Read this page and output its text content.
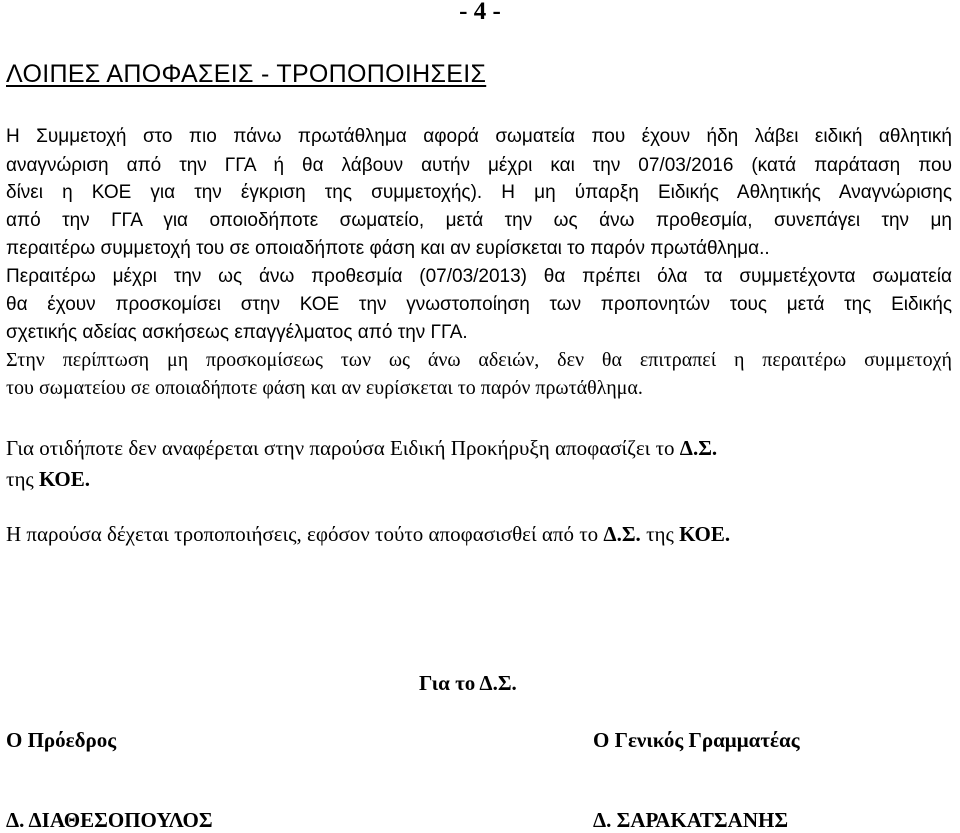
- 4 -
ΛΟΙΠΕΣ ΑΠΟΦΑΣΕΙΣ - ΤΡΟΠΟΠΟΙΗΣΕΙΣ
Η Συμμετοχή στο πιο πάνω πρωτάθλημα αφορά σωματεία που έχουν ήδη λάβει ειδική αθλητική
αναγνώριση από την ΓΓΑ ή θα λάβουν αυτήν μέχρι και την 07/03/2016 (κατά παράταση που
δίνει η ΚΟΕ για την έγκριση της συμμετοχής). Η μη ύπαρξη Ειδικής Αθλητικής Αναγνώρισης
από την ΓΓΑ για οποιοδήποτε σωματείο, μετά την ως άνω προθεσμία, συνεπάγει την μη
περαιτέρω συμμετοχή του σε οποιαδήποτε φάση και αν ευρίσκεται το παρόν πρωτάθλημα..
Περαιτέρω μέχρι την ως άνω προθεσμία (07/03/2013) θα πρέπει όλα τα συμμετέχοντα σωματεία
θα έχουν προσκομίσει στην ΚΟΕ την γνωστοποίηση των προπονητών τους μετά της Ειδικής
σχετικής αδείας ασκήσεως επαγγέλματος από την ΓΓΑ.
Στην περίπτωση μη προσκομίσεως των ως άνω αδειών, δεν θα επιτραπεί η περαιτέρω συμμετοχή
του σωματείου σε οποιαδήποτε φάση και αν ευρίσκεται το παρόν πρωτάθλημα.
Για οτιδήποτε δεν αναφέρεται στην παρούσα Ειδική Προκήρυξη αποφασίζει το Δ.Σ.
της ΚΟΕ.
Η παρούσα δέχεται τροποποιήσεις, εφόσον τούτο αποφασισθεί από το Δ.Σ. της ΚΟΕ.
Για το Δ.Σ.
Ο Πρόεδρος	Ο Γενικός Γραμματέας
Δ. ΔΙΑΘΕΣΟΠΟΥΛΟΣ	Δ. ΣΑΡΑΚΑΤΣΑΝΗΣ
